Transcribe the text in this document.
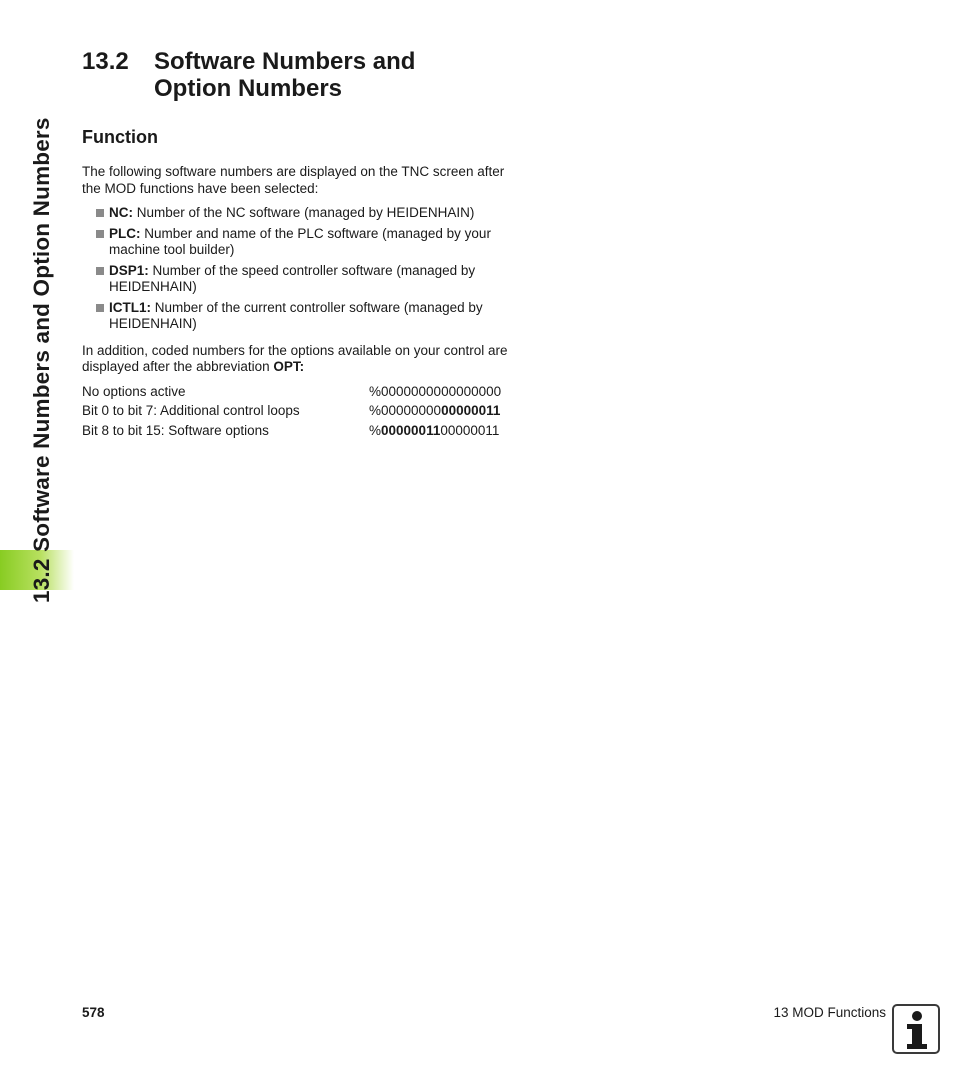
13.2 Software Numbers and Option Numbers
13.2 Software Numbers and
Option Numbers
Function

The following software numbers are displayed on the TNC screen after the MOD functions have been selected:

NC: Number of the NC software (managed by HEIDENHAIN)
PLC: Number and name of the PLC software (managed by your machine tool builder)
DSP1: Number of the speed controller software (managed by HEIDENHAIN)
ICTL1: Number of the current controller software (managed by HEIDENHAIN)

In addition, coded numbers for the options available on your control are displayed after the abbreviation OPT:

No options active	%0000000000000000
Bit 0 to bit 7: Additional control loops	%0000000000000011
Bit 8 to bit 15: Software options	%0000001100000011
578	13 MOD Functions
